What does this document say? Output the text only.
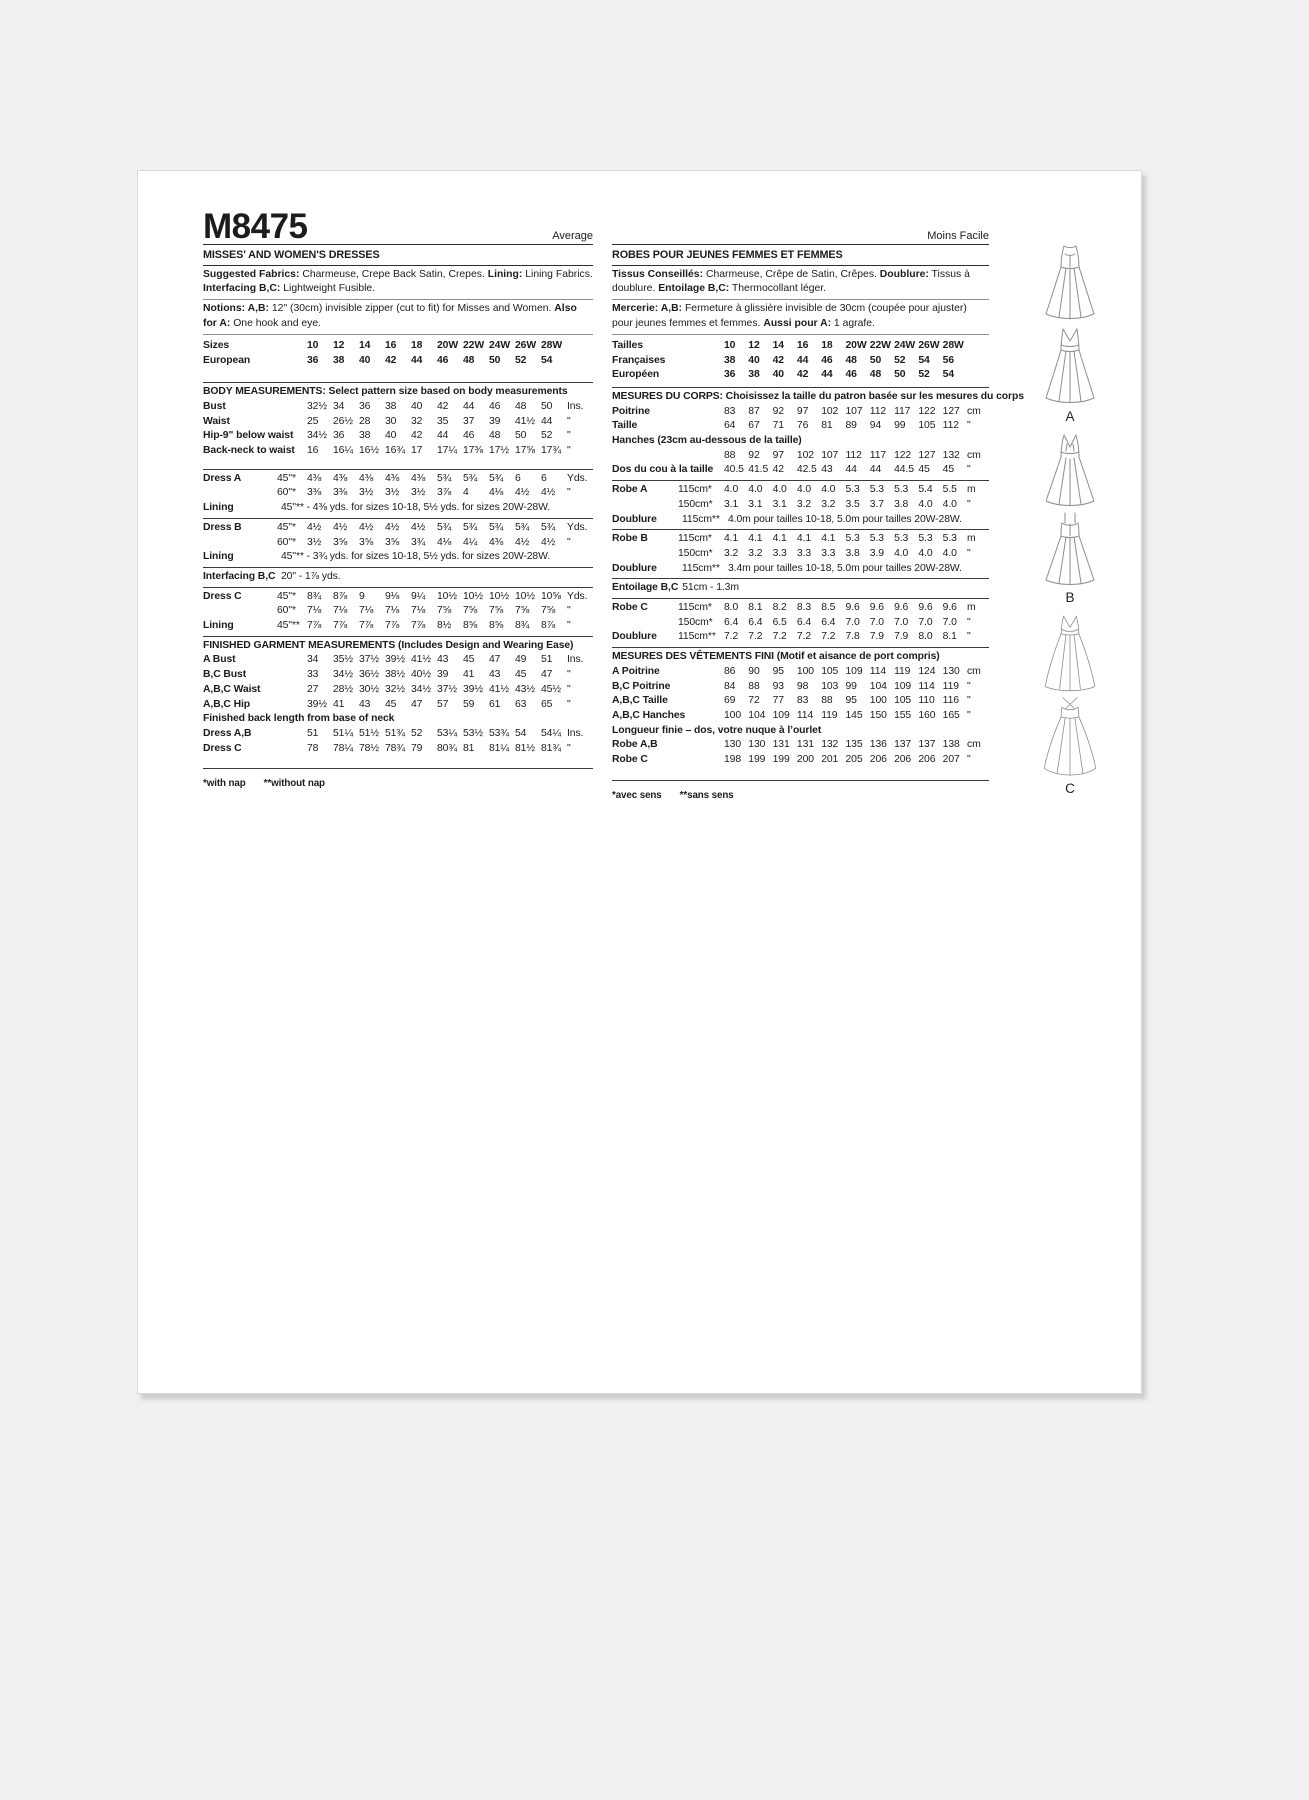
M8475	Average
MISSES' AND WOMEN'S DRESSES
Suggested Fabrics: Charmeuse, Crepe Back Satin, Crepes. Lining: Lining Fabrics. Interfacing B,C: Lightweight Fusible.
Notions: A,B: 12" (30cm) invisible zipper (cut to fit) for Misses and Women. Also for A: One hook and eye.
Sizes	10	12	14	16	18	20W 22W 24W 26W 28W
European	36	38	40	42	44	46	48	50	52	54
BODY MEASUREMENTS: Select pattern size based on body measurements
Bust	32½ 34	36	38	40	42	44	46	48	50	Ins.
Waist	25	26½ 28	30	32	35	37	39	41½ 44	"
Hip-9" below waist 34½ 36	38	40	42	44	46	48	50	52	"
Back-neck to waist 16	16¼ 16½ 16¾ 17	17¼ 17⅜ 17½ 17⅝ 17¾ "
Dress A	45"*	4⅜	4⅜	4⅜	4⅜	4⅜	5¾	5¾	5¾	6	6	Yds.
60"*	3⅜	3⅜	3½	3½	3½	3⅞	4	4⅛	4½	4½	"
Lining	45"** - 4⅜ yds. for sizes 10-18, 5½ yds. for sizes 20W-28W.
Dress B	45"*	4½	4½	4½	4½	4½	5¾	5¾	5¾	5¾	5¾	Yds.
60"*	3½	3⅝	3⅝	3⅝	3¾	4⅛	4¼	4⅜	4½	4½	"
Lining	45"** - 3¾ yds. for sizes 10-18, 5½ yds. for sizes 20W-28W.
Interfacing B,C 20" - 1⅞ yds.
Dress C	45"*	8¾	8⅞	9	9⅛	9¼	10½ 10½ 10½ 10½ 10⅝ Yds.
60"*	7⅛	7⅛	7⅛	7⅛	7⅛	7⅝	7⅝	7⅝	7⅝	7⅝	"
Lining	45"** 7⅞	7⅞	7⅞	7⅞	7⅞	8½	8⅝	8⅝	8¾	8⅞	"
FINISHED GARMENT MEASUREMENTS (Includes Design and Wearing Ease)
A Bust	34	35½ 37½ 39½ 41½ 43	45	47	49	51	Ins.
B,C Bust	33	34½ 36½ 38½ 40½ 39	41	43	45	47	"
A,B,C Waist	27	28½ 30½ 32½ 34½ 37½ 39½ 41½ 43½ 45½ "
A,B,C Hip	39½ 41	43	45	47	57	59	61	63	65	"
Finished back length from base of neck
Dress A,B	51	51¼ 51½ 51¾ 52	53¼ 53½ 53¾ 54	54¼ Ins.
Dress C	78	78¼ 78½ 78¾ 79	80¾ 81	81¼ 81½ 81¾ "
*with nap **without nap
Moins Facile
ROBES POUR JEUNES FEMMES ET FEMMES
Tissus Conseillés: Charmeuse, Crêpe de Satin, Crêpes. Doublure: Tissus à doublure. Entoilage B,C: Thermocollant léger.
Mercerie: A,B: Fermeture à glissière invisible de 30cm (coupée pour ajuster) pour jeunes femmes et femmes. Aussi pour A: 1 agrafe.
Tailles	10	12	14	16	18	20W 22W 24W 26W 28W
Françaises	38	40	42	44	46	48	50	52	54	56
Européen	36	38	40	42	44	46	48	50	52	54
MESURES DU CORPS: Choisissez la taille du patron basée sur les mesures du corps
Poitrine	83	87	92	97	102 107 112 117 122 127 cm
Taille	64	67	71	76	81	89	94	99	105 112 "
Hanches (23cm au-dessous de la taille)
88	92	97	102 107 112 117 122 127 132 cm
Dos du cou à la taille 40.5 41.5 42	42.5 43	44	44	44.5 45	45	"
Robe A	115cm*	4.0 4.0 4.0 4.0 4.0 5.3 5.3 5.3 5.4 5.5 m
150cm*	3.1 3.1 3.1 3.2 3.2 3.5 3.7 3.8 4.0 4.0 "
Doublure	115cm** 4.0m pour tailles 10-18, 5.0m pour tailles 20W-28W.
Robe B	115cm*	4.1 4.1 4.1 4.1 4.1 5.3 5.3 5.3 5.3 5.3 m
150cm*	3.2 3.2 3.3 3.3 3.3 3.8 3.9 4.0 4.0 4.0 "
Doublure	115cm** 3.4m pour tailles 10-18, 5.0m pour tailles 20W-28W.
Entoilage B,C 51cm - 1.3m
Robe C	115cm*	8.0 8.1 8.2 8.3 8.5 9.6 9.6 9.6 9.6 9.6 m
150cm*	6.4 6.4 6.5 6.4 6.4 7.0 7.0 7.0 7.0 7.0 "
Doublure	115cm** 7.2 7.2 7.2 7.2 7.2 7.8 7.9 7.9 8.0 8.1 "
MESURES DES VÊTEMENTS FINI (Motif et aisance de port compris)
A Poitrine	86	90	95	100 105 109 114 119 124 130 cm
B,C Poitrine	84	88	93	98	103 99	104 109 114 119 "
A,B,C Taille	69	72	77	83	88	95	100 105 110 116 "
A,B,C Hanches	100 104 109 114 119 145 150 155 160 165 "
Longueur finie – dos, votre nuque à l’ourlet
Robe A,B	130 130 131 131 132 135 136 137 137 138 cm
Robe C	198 199 199 200 201 205 206 206 206 207 "
*avec sens **sans sens
A
B
C
